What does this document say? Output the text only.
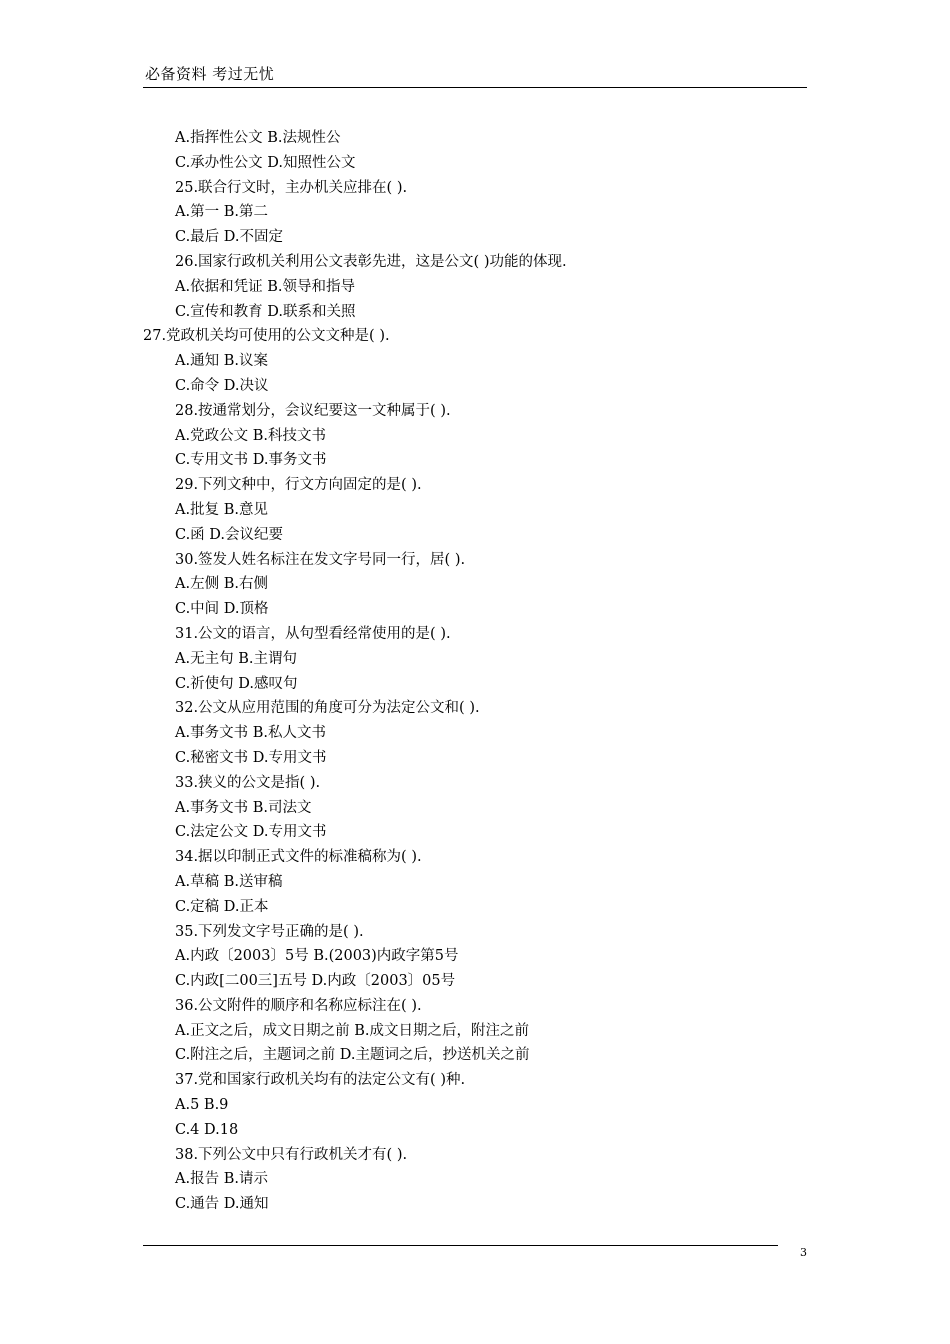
必备资料 考过无忧
A.指挥性公文 B.法规性公
C.承办性公文 D.知照性公文
25.联合行文时，主办机关应排在( ).
A.第一 B.第二
C.最后 D.不固定
26.国家行政机关利用公文表彰先进，这是公文( )功能的体现.
A.依据和凭证 B.领导和指导
C.宣传和教育 D.联系和关照
27.党政机关均可使用的公文文种是( ).
A.通知 B.议案
C.命令 D.决议
28.按通常划分，会议纪要这一文种属于( ).
A.党政公文 B.科技文书
C.专用文书 D.事务文书
29.下列文种中，行文方向固定的是( ).
A.批复 B.意见
C.函 D.会议纪要
30.签发人姓名标注在发文字号同一行，居( ).
A.左侧 B.右侧
C.中间 D.顶格
31.公文的语言，从句型看经常使用的是( ).
A.无主句 B.主谓句
C.祈使句 D.感叹句
32.公文从应用范围的角度可分为法定公文和( ).
A.事务文书 B.私人文书
C.秘密文书 D.专用文书
33.狭义的公文是指( ).
A.事务文书 B.司法文
C.法定公文 D.专用文书
34.据以印制正式文件的标准稿称为( ).
A.草稿 B.送审稿
C.定稿 D.正本
35.下列发文字号正确的是( ).
A.内政〔2003〕5号 B.(2003)内政字第5号
C.内政[二00三]五号 D.内政〔2003〕05号
36.公文附件的顺序和名称应标注在( ).
A.正文之后，成文日期之前 B.成文日期之后，附注之前
C.附注之后，主题词之前 D.主题词之后，抄送机关之前
37.党和国家行政机关均有的法定公文有( )种.
A.5 B.9
C.4 D.18
38.下列公文中只有行政机关才有( ).
A.报告 B.请示
C.通告 D.通知
3
